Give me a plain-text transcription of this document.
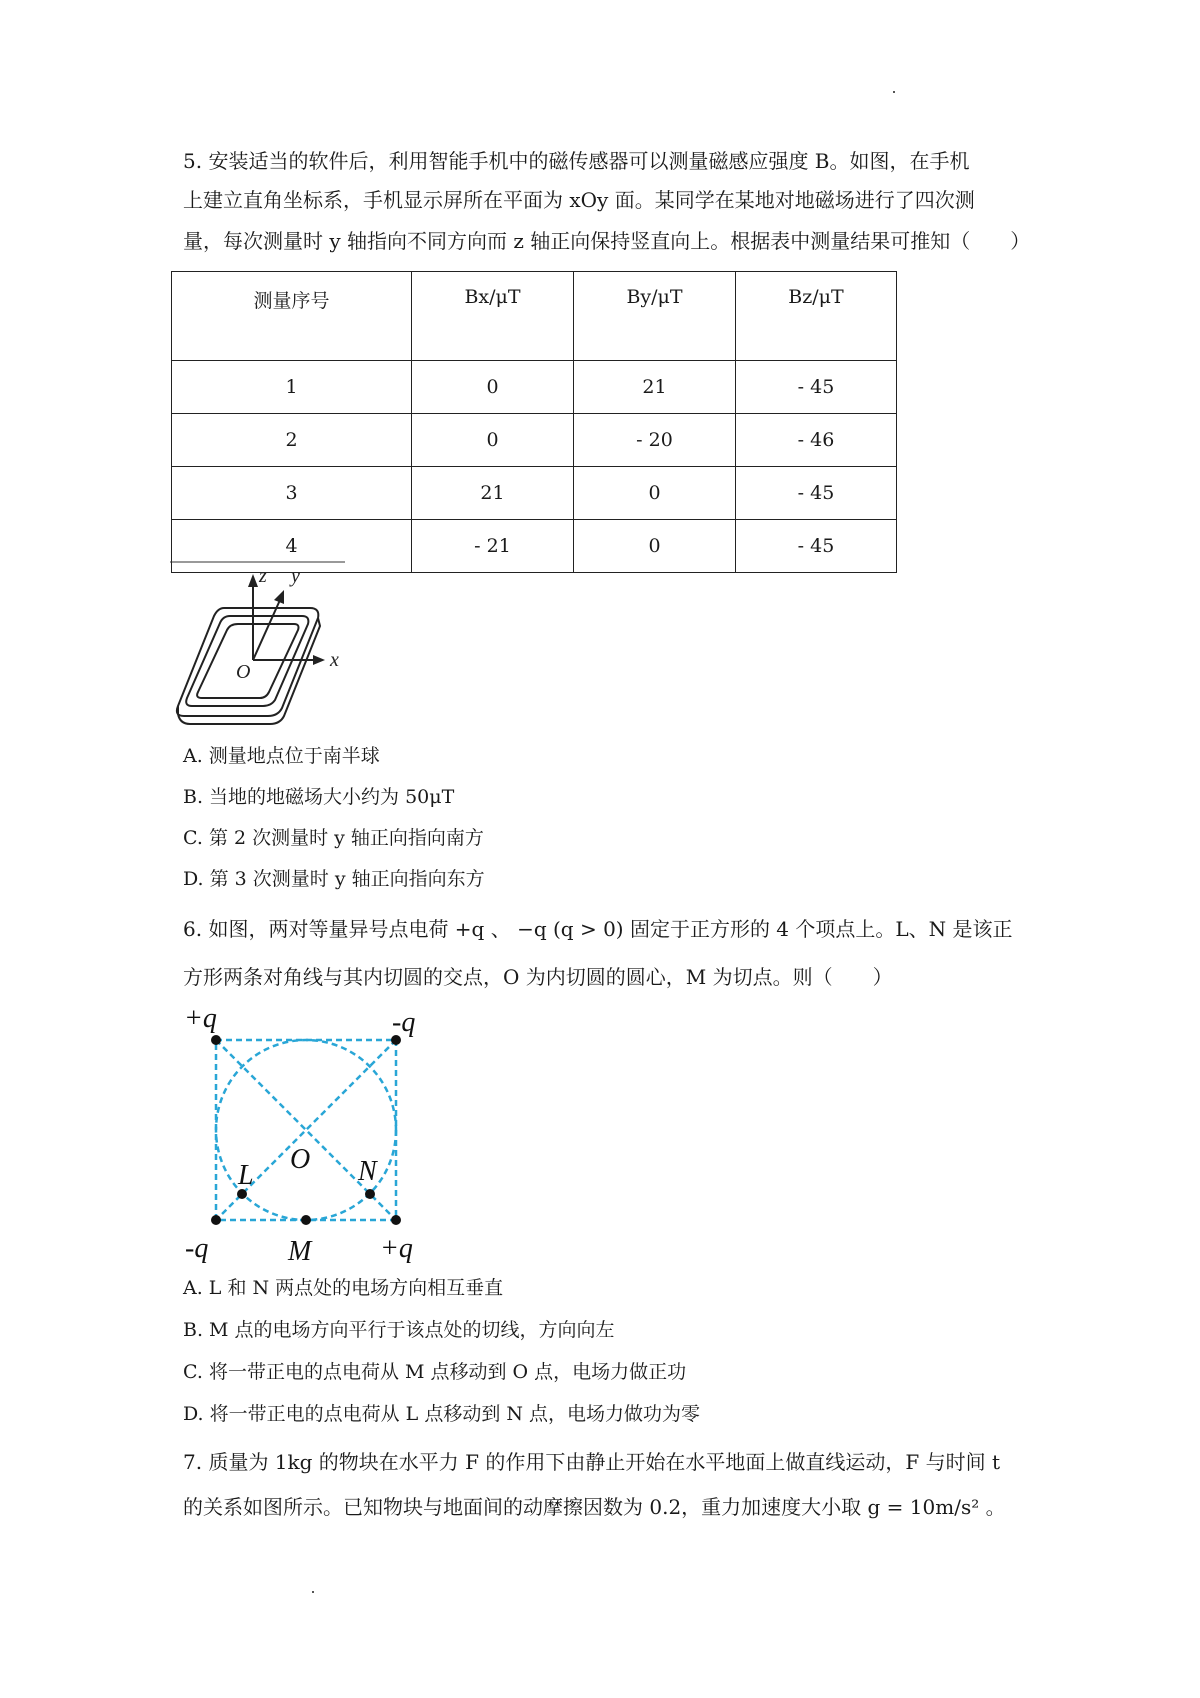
5. 安装适当的软件后，利用智能手机中的磁传感器可以测量磁感应强度 B。如图，在手机
上建立直角坐标系，手机显示屏所在平面为 xOy 面。某同学在某地对地磁场进行了四次测
量，每次测量时 y 轴指向不同方向而 z 轴正向保持竖直向上。根据表中测量结果可推知（　　）
测量序号	Bx/μT	By/μT	Bz/μT
1	0	21	- 45
2	0	- 20	- 46
3	21	0	- 45
4	- 21	0	- 45
z y
x
O
A. 测量地点位于南半球
B. 当地的地磁场大小约为 50μT
C. 第 2 次测量时 y 轴正向指向南方
D. 第 3 次测量时 y 轴正向指向东方
6. 如图，两对等量异号点电荷 +q 、 −q (q > 0) 固定于正方形的 4 个项点上。L、N 是该正
方形两条对角线与其内切圆的交点，O 为内切圆的圆心，M 为切点。则（　　）
+q	-q
-q	+q
L	N
O
M
A. L 和 N 两点处的电场方向相互垂直
B. M 点的电场方向平行于该点处的切线，方向向左
C. 将一带正电的点电荷从 M 点移动到 O 点，电场力做正功
D. 将一带正电的点电荷从 L 点移动到 N 点，电场力做功为零
7. 质量为 1kg 的物块在水平力 F 的作用下由静止开始在水平地面上做直线运动，F 与时间 t
的关系如图所示。已知物块与地面间的动摩擦因数为 0.2，重力加速度大小取 g = 10m/s² 。
